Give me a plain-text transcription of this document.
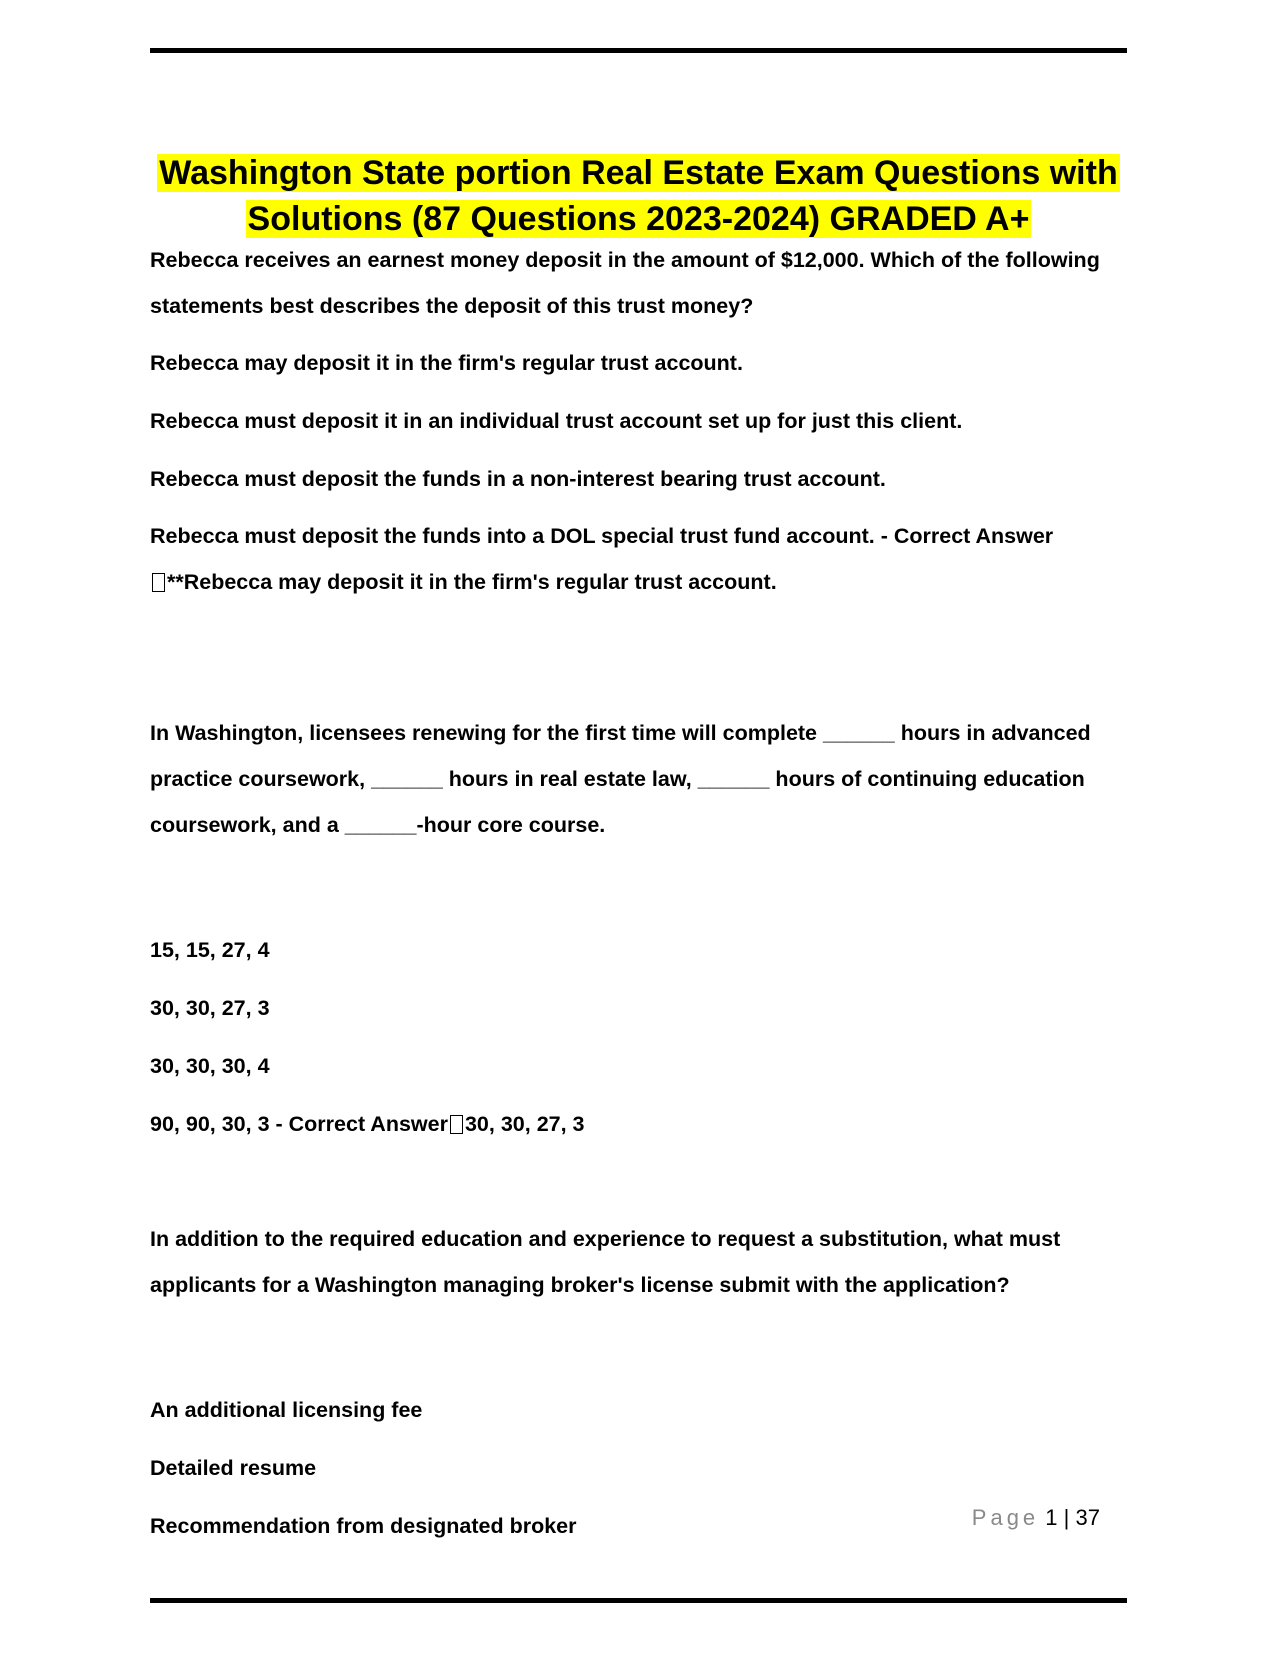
Washington State portion Real Estate Exam Questions with Solutions (87 Questions 2023-2024) GRADED A+

Rebecca receives an earnest money deposit in the amount of $12,000. Which of the following statements best describes the deposit of this trust money?

Rebecca may deposit it in the firm's regular trust account.

Rebecca must deposit it in an individual trust account set up for just this client.

Rebecca must deposit the funds in a non-interest bearing trust account.

Rebecca must deposit the funds into a DOL special trust fund account. - Correct Answer
**Rebecca may deposit it in the firm's regular trust account.

In Washington, licensees renewing for the first time will complete ______ hours in advanced practice coursework, ______ hours in real estate law, ______ hours of continuing education coursework, and a ______-hour core course.

15, 15, 27, 4

30, 30, 27, 3

30, 30, 30, 4

90, 90, 30, 3 - Correct Answer 30, 30, 27, 3

In addition to the required education and experience to request a substitution, what must applicants for a Washington managing broker's license submit with the application?

An additional licensing fee

Detailed resume

Recommendation from designated broker	Page 1 | 37
